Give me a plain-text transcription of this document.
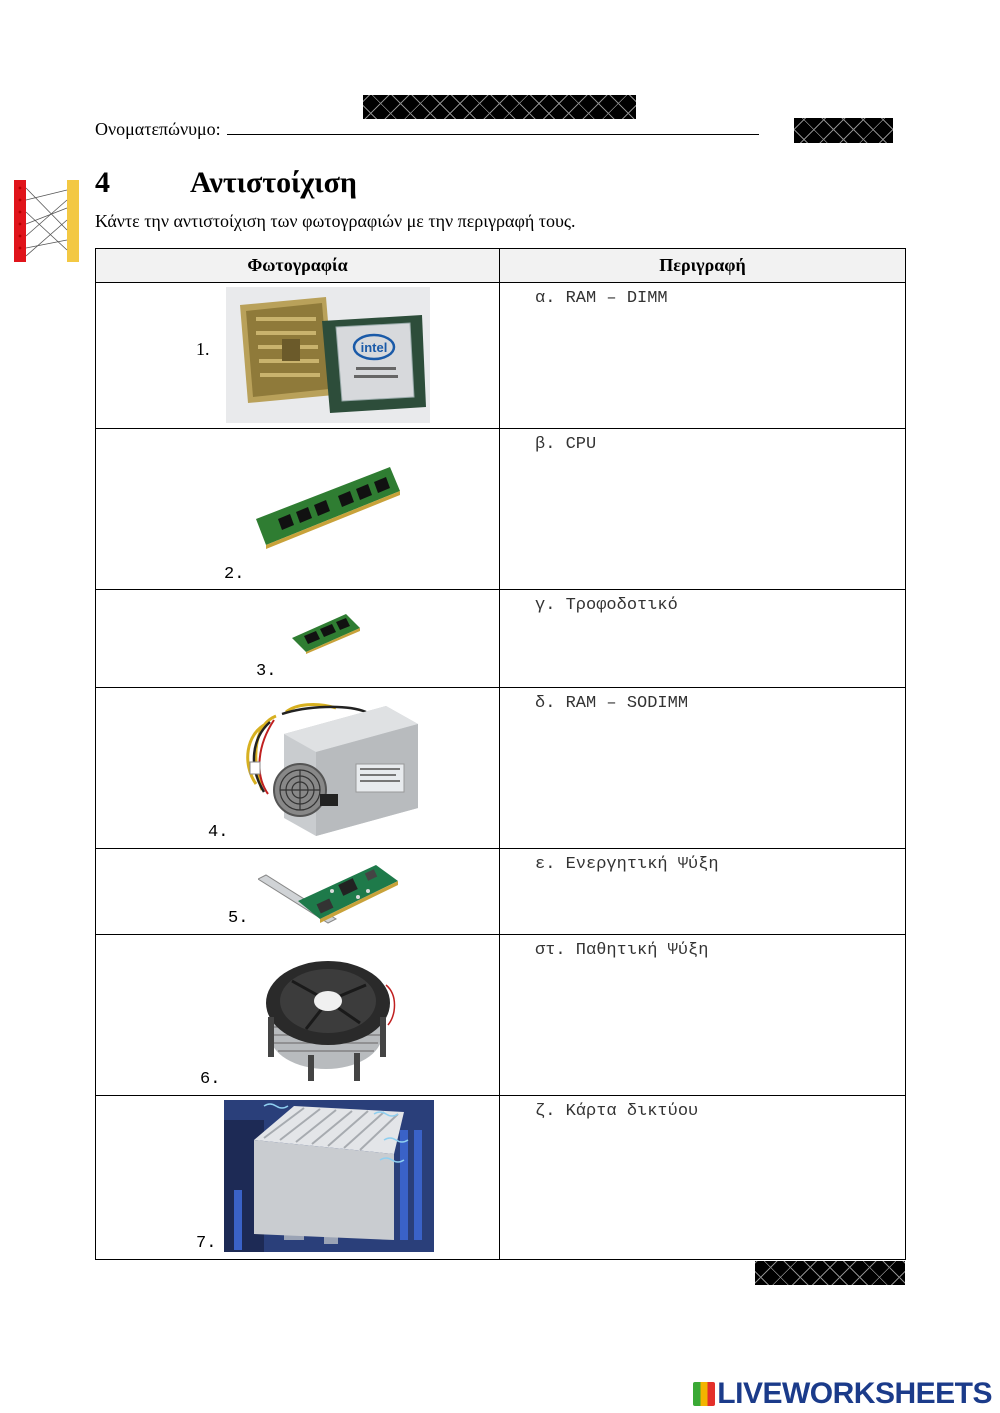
Ονοματεπώνυμο:
4	Αντιστοίχιση
Κάντε την αντιστοίχιση των φωτογραφιών με την περιγραφή τους.
Φωτογραφία	Περιγραφή

1. intel	α. RAM – DIMM

2.	β. CPU

3.	γ. Τροφοδοτικό

4.	δ. RAM – SODIMM

5.	ε. Ενεργητική Ψύξη

6.	στ. Παθητική Ψύξη

7.	ζ. Κάρτα δικτύου
LIVEWORKSHEETS
